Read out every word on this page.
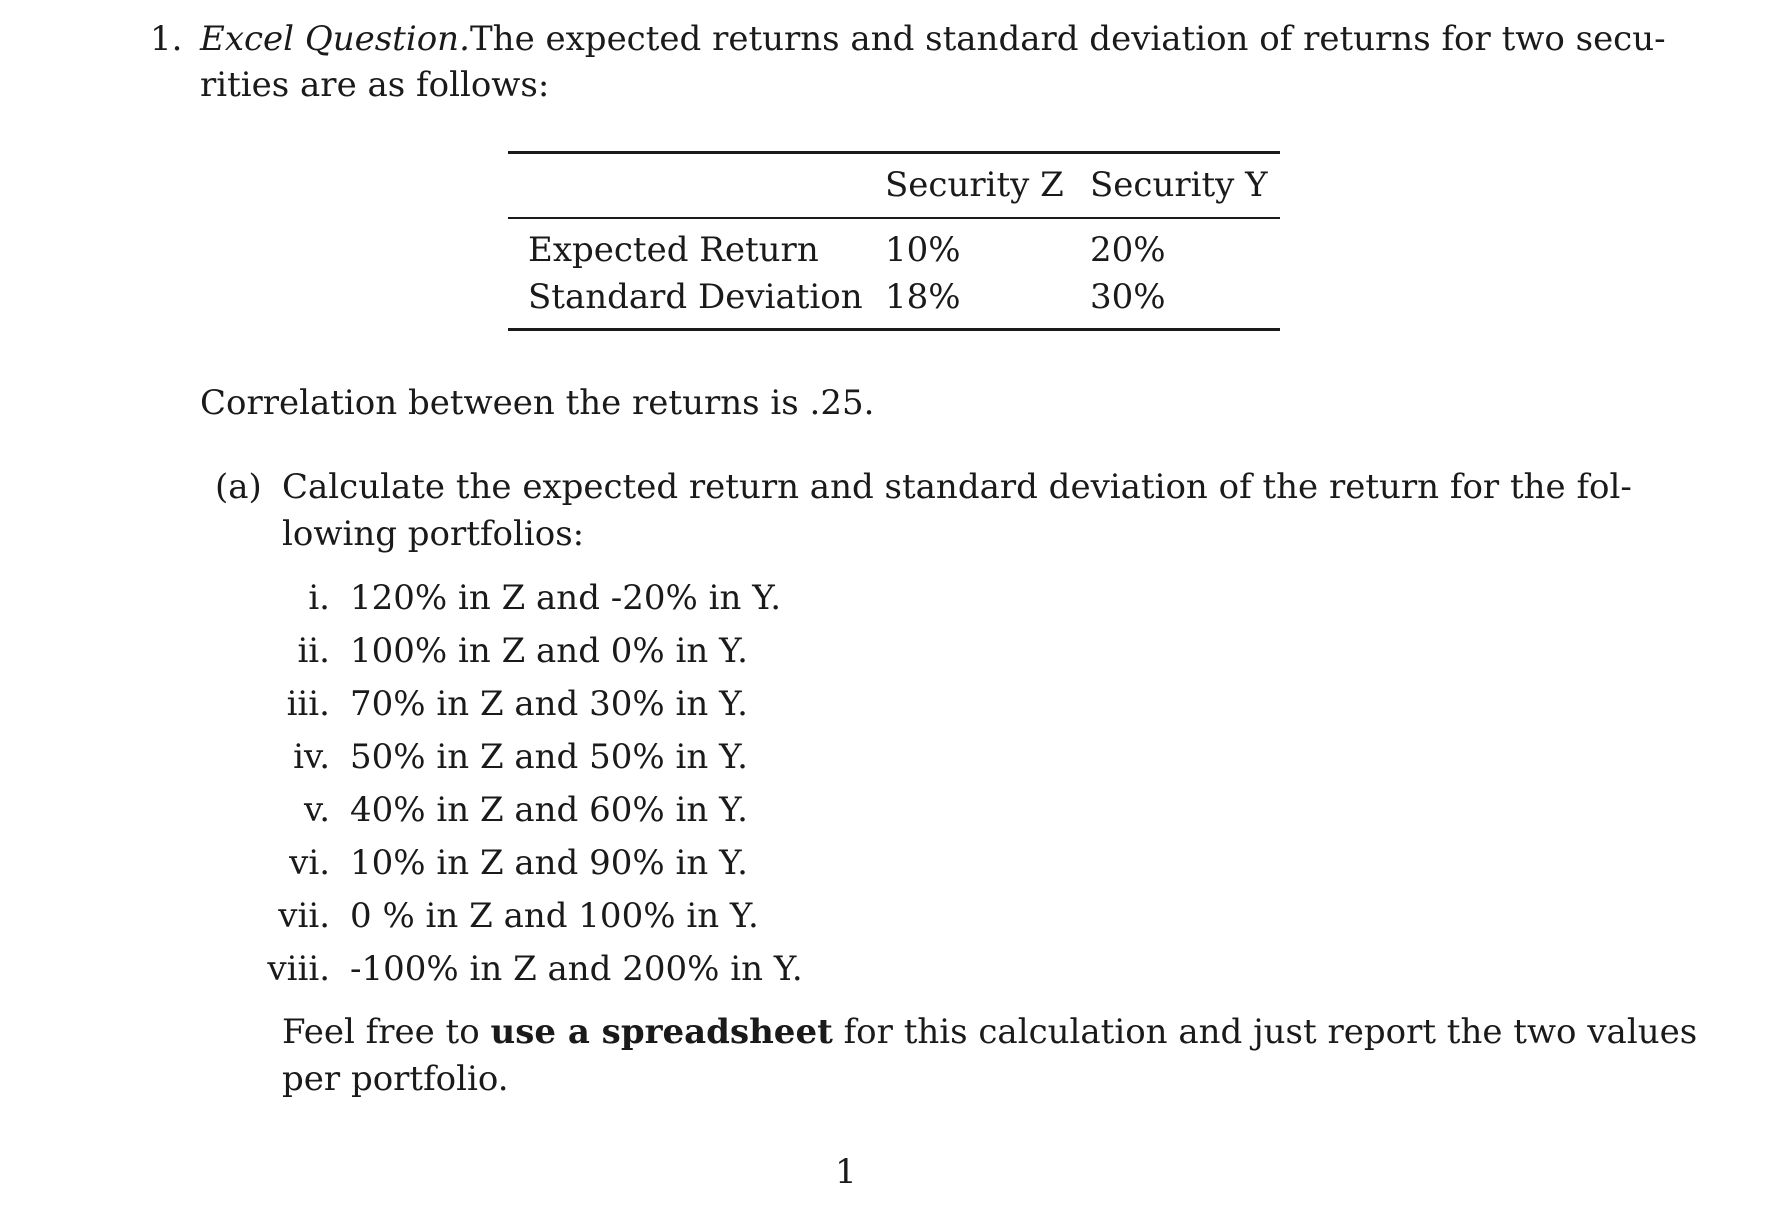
1. Excel Question. The expected returns and standard deviation of returns for two secu-
rities are as follows:
Security Z Security Y
Expected Return 10%	20%
Standard Deviation 18%	30%
Correlation between the returns is .25.
(a) Calculate the expected return and standard deviation of the return for the fol-
lowing portfolios:
i. 120% in Z and -20% in Y.
ii. 100% in Z and 0% in Y.
iii. 70% in Z and 30% in Y.
iv. 50% in Z and 50% in Y.
v. 40% in Z and 60% in Y.
vi. 10% in Z and 90% in Y.
vii. 0 % in Z and 100% in Y.
viii. -100% in Z and 200% in Y.
Feel free to use a spreadsheet for this calculation and just report the two values
per portfolio.
1
